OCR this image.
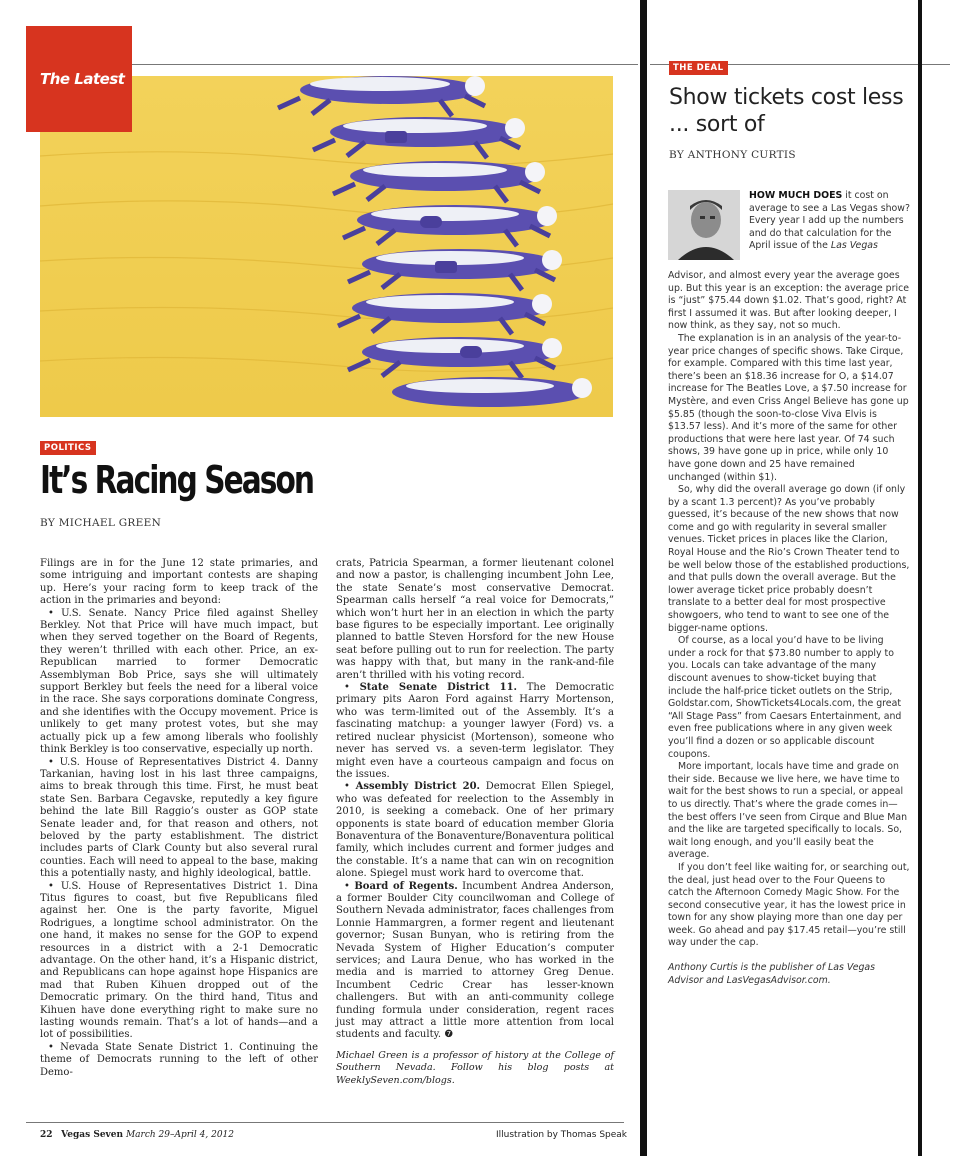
The Latest
POLITICS
It’s Racing Season
BY MICHAEL GREEN

Filings are in for the June 12 state primaries, and some intriguing and important contests are shaping up. Here’s your racing form to keep track of the action in the primaries and beyond:

• U.S. Senate. Nancy Price filed against Shelley Berkley. Not that Price will have much impact, but when they served together on the Board of Regents, they weren’t thrilled with each other. Price, an ex-Republican married to former Democratic Assemblyman Bob Price, says she will ultimately support Berkley but feels the need for a liberal voice in the race. She says corporations dominate Congress, and she identifies with the Occupy movement. Price is unlikely to get many protest votes, but she may actually pick up a few among liberals who foolishly think Berkley is too conservative, especially up north.

• U.S. House of Representatives District 4. Danny Tarkanian, having lost in his last three campaigns, aims to break through this time. First, he must beat state Sen. Barbara Cegavske, reputedly a key figure behind the late Bill Raggio’s ouster as GOP state Senate leader and, for that reason and others, not beloved by the party establishment. The district includes parts of Clark County but also several rural counties. Each will need to appeal to the base, making this a potentially nasty, and highly ideological, battle.

• U.S. House of Representatives District 1. Dina Titus figures to coast, but five Republicans filed against her. One is the party favorite, Miguel Rodrigues, a longtime school administrator. On the one hand, it makes no sense for the GOP to expend resources in a district with a 2-1 Democratic advantage. On the other hand, it’s a Hispanic district, and Republicans can hope against hope Hispanics are mad that Ruben Kihuen dropped out of the Democratic primary. On the third hand, Titus and Kihuen have done everything right to make sure no lasting wounds remain. That’s a lot of hands—and a lot of possibilities.

• Nevada State Senate District 1. Continuing the theme of Democrats running to the left of other Demo-

crats, Patricia Spearman, a former lieutenant colonel and now a pastor, is challenging incumbent John Lee, the state Senate’s most conservative Democrat. Spearman calls herself “a real voice for Democrats,” which won’t hurt her in an election in which the party base figures to be especially important. Lee originally planned to battle Steven Horsford for the new House seat before pulling out to run for reelection. The party was happy with that, but many in the rank-and-file aren’t thrilled with his voting record.

• State Senate District 11. The Democratic primary pits Aaron Ford against Harry Mortenson, who was term-limited out of the Assembly. It’s a fascinating matchup: a younger lawyer (Ford) vs. a retired nuclear physicist (Mortenson), someone who never has served vs. a seven-term legislator. They might even have a courteous campaign and focus on the issues.

• Assembly District 20. Democrat Ellen Spiegel, who was defeated for reelection to the Assembly in 2010, is seeking a comeback. One of her primary opponents is state board of education member Gloria Bonaventura of the Bonaventure/Bonaventura political family, which includes current and former judges and the constable. It’s a name that can win on recognition alone. Spiegel must work hard to overcome that.

• Board of Regents. Incumbent Andrea Anderson, a former Boulder City councilwoman and College of Southern Nevada administrator, faces challenges from Lonnie Hammargren, a former regent and lieutenant governor; Susan Bunyan, who is retiring from the Nevada System of Higher Education’s computer services; and Laura Denue, who has worked in the media and is married to attorney Greg Denue. Incumbent Cedric Crear has lesser-known challengers. But with an anti-community college funding formula under consideration, regent races just may attract a little more attention from local students and faculty. ❼

Michael Green is a professor of history at the College of Southern Nevada. Follow his blog posts at WeeklySeven.com/blogs.

THE DEAL
Show tickets cost less ... sort of
BY ANTHONY CURTIS
HOW MUCH DOES it cost on average to see a Las Vegas show? Every year I add up the numbers and do that calculation for the April issue of the Las Vegas

Advisor, and almost every year the average goes up. But this year is an exception: the average price is “just” $75.44 down $1.02. That’s good, right? At first I assumed it was. But after looking deeper, I now think, as they say, not so much.

The explanation is in an analysis of the year-to-year price changes of specific shows. Take Cirque, for example. Compared with this time last year, there’s been an $18.36 increase for O, a $14.07 increase for The Beatles Love, a $7.50 increase for Mystère, and even Criss Angel Believe has gone up $5.85 (though the soon-to-close Viva Elvis is $13.57 less). And it’s more of the same for other productions that were here last year. Of 74 such shows, 39 have gone up in price, while only 10 have gone down and 25 have remained unchanged (within $1).

So, why did the overall average go down (if only by a scant 1.3 percent)? As you’ve probably guessed, it’s because of the new shows that now come and go with regularity in several smaller venues. Ticket prices in places like the Clarion, Royal House and the Rio’s Crown Theater tend to be well below those of the established productions, and that pulls down the overall average. But the lower average ticket price probably doesn’t translate to a better deal for most prospective showgoers, who tend to want to see one of the bigger-name options.

Of course, as a local you’d have to be living under a rock for that $73.80 number to apply to you. Locals can take advantage of the many discount avenues to show-ticket buying that include the half-price ticket outlets on the Strip, Goldstar.com, ShowTickets4Locals.com, the great “All Stage Pass” from Caesars Entertainment, and even free publications where in any given week you’ll find a dozen or so applicable discount coupons.

More important, locals have time and grade on their side. Because we live here, we have time to wait for the best shows to run a special, or appeal to us directly. That’s where the grade comes in—the best offers I’ve seen from Cirque and Blue Man and the like are targeted specifically to locals. So, wait long enough, and you’ll easily beat the average.

If you don’t feel like waiting for, or searching out, the deal, just head over to the Four Queens to catch the Afternoon Comedy Magic Show. For the second consecutive year, it has the lowest price in town for any show playing more than one day per week. Go ahead and pay $17.45 retail—you’re still way under the cap.

Anthony Curtis is the publisher of Las Vegas Advisor and LasVegasAdvisor.com.

22 Vegas Seven March 29–April 4, 2012	Illustration by Thomas Speak
